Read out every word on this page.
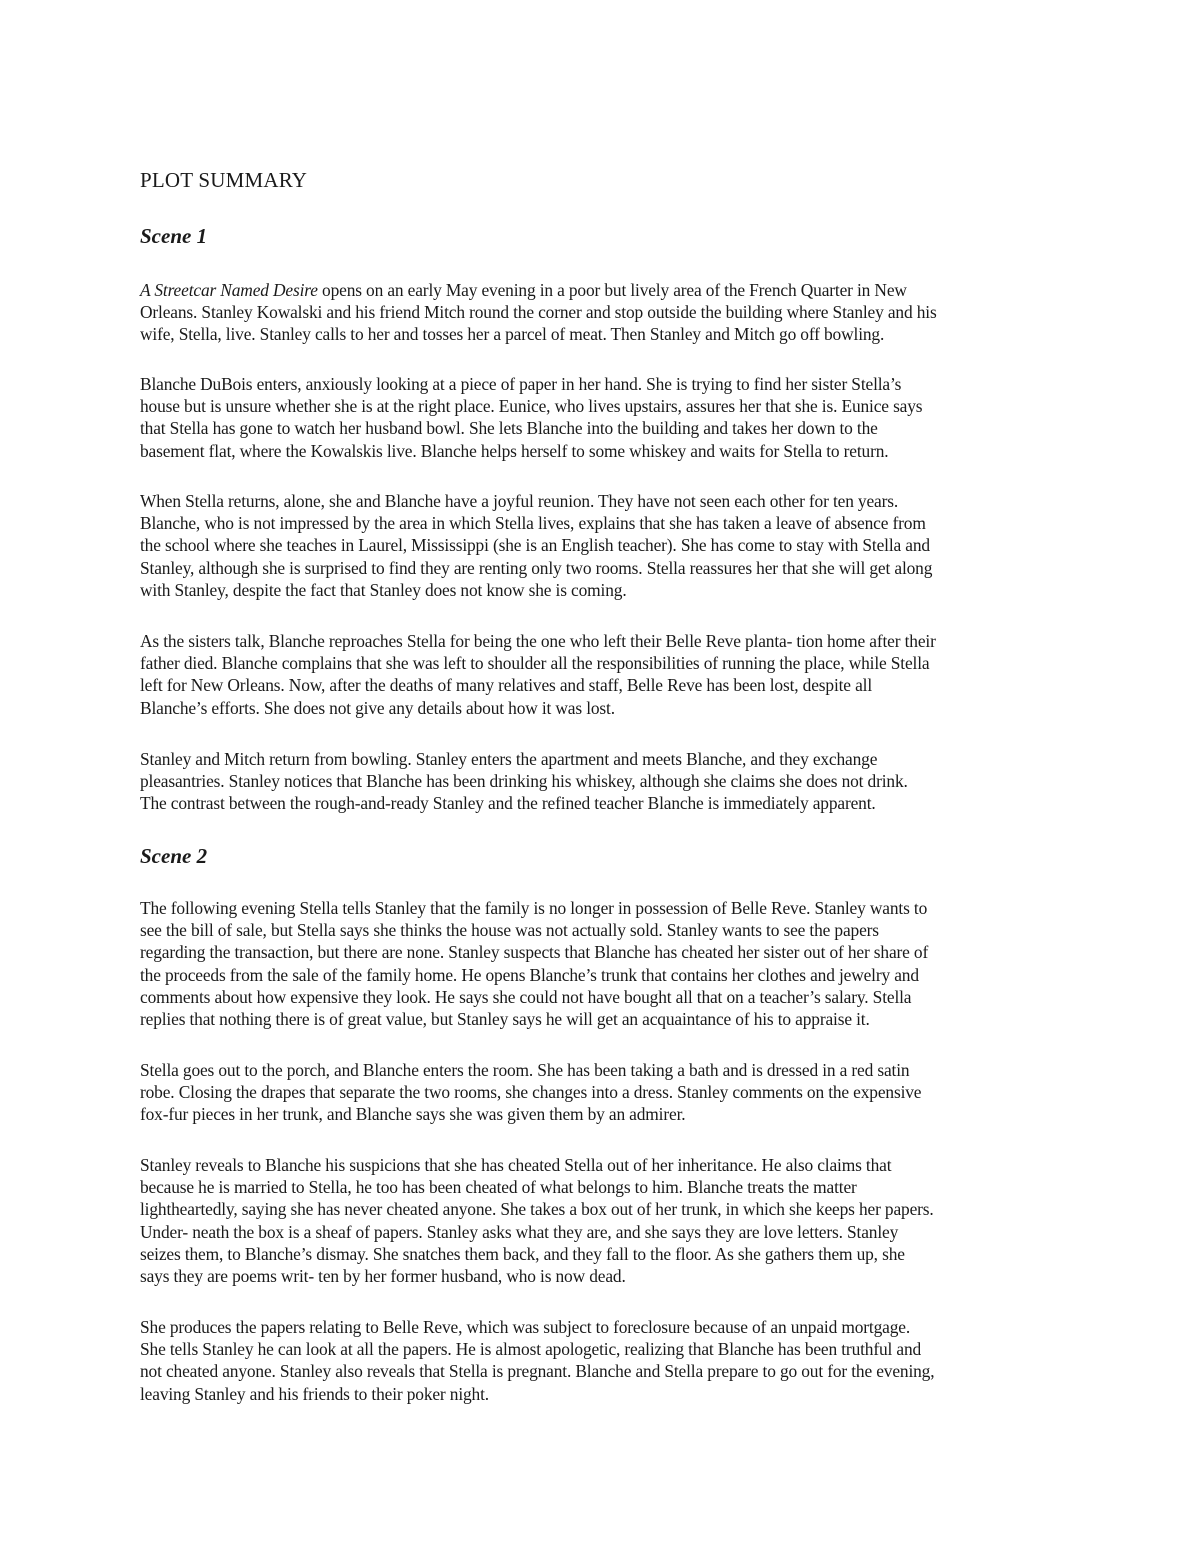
PLOT SUMMARY
Scene 1

A Streetcar Named Desire opens on an early May evening in a poor but lively area of the French Quarter in New
Orleans. Stanley Kowalski and his friend Mitch round the corner and stop outside the building where Stanley and his
wife, Stella, live. Stanley calls to her and tosses her a parcel of meat. Then Stanley and Mitch go off bowling.

Blanche DuBois enters, anxiously looking at a piece of paper in her hand. She is trying to find her sister Stella’s
house but is unsure whether she is at the right place. Eunice, who lives upstairs, assures her that she is. Eunice says
that Stella has gone to watch her husband bowl. She lets Blanche into the building and takes her down to the
basement flat, where the Kowalskis live. Blanche helps herself to some whiskey and waits for Stella to return.

When Stella returns, alone, she and Blanche have a joyful reunion. They have not seen each other for ten years.
Blanche, who is not impressed by the area in which Stella lives, explains that she has taken a leave of absence from
the school where she teaches in Laurel, Mississippi (she is an English teacher). She has come to stay with Stella and
Stanley, although she is surprised to find they are renting only two rooms. Stella reassures her that she will get along
with Stanley, despite the fact that Stanley does not know she is coming.

As the sisters talk, Blanche reproaches Stella for being the one who left their Belle Reve planta- tion home after their
father died. Blanche complains that she was left to shoulder all the responsibilities of running the place, while Stella
left for New Orleans. Now, after the deaths of many relatives and staff, Belle Reve has been lost, despite all
Blanche’s efforts. She does not give any details about how it was lost.

Stanley and Mitch return from bowling. Stanley enters the apartment and meets Blanche, and they exchange
pleasantries. Stanley notices that Blanche has been drinking his whiskey, although she claims she does not drink.
The contrast between the rough-and-ready Stanley and the refined teacher Blanche is immediately apparent.

Scene 2

The following evening Stella tells Stanley that the family is no longer in possession of Belle Reve. Stanley wants to
see the bill of sale, but Stella says she thinks the house was not actually sold. Stanley wants to see the papers
regarding the transaction, but there are none. Stanley suspects that Blanche has cheated her sister out of her share of
the proceeds from the sale of the family home. He opens Blanche’s trunk that contains her clothes and jewelry and
comments about how expensive they look. He says she could not have bought all that on a teacher’s salary. Stella
replies that nothing there is of great value, but Stanley says he will get an acquaintance of his to appraise it.

Stella goes out to the porch, and Blanche enters the room. She has been taking a bath and is dressed in a red satin
robe. Closing the drapes that separate the two rooms, she changes into a dress. Stanley comments on the expensive
fox-fur pieces in her trunk, and Blanche says she was given them by an admirer.

Stanley reveals to Blanche his suspicions that she has cheated Stella out of her inheritance. He also claims that
because he is married to Stella, he too has been cheated of what belongs to him. Blanche treats the matter
lightheartedly, saying she has never cheated anyone. She takes a box out of her trunk, in which she keeps her papers.
Under- neath the box is a sheaf of papers. Stanley asks what they are, and she says they are love letters. Stanley
seizes them, to Blanche’s dismay. She snatches them back, and they fall to the floor. As she gathers them up, she
says they are poems writ- ten by her former husband, who is now dead.

She produces the papers relating to Belle Reve, which was subject to foreclosure because of an unpaid mortgage.
She tells Stanley he can look at all the papers. He is almost apologetic, realizing that Blanche has been truthful and
not cheated anyone. Stanley also reveals that Stella is pregnant. Blanche and Stella prepare to go out for the evening,
leaving Stanley and his friends to their poker night.
